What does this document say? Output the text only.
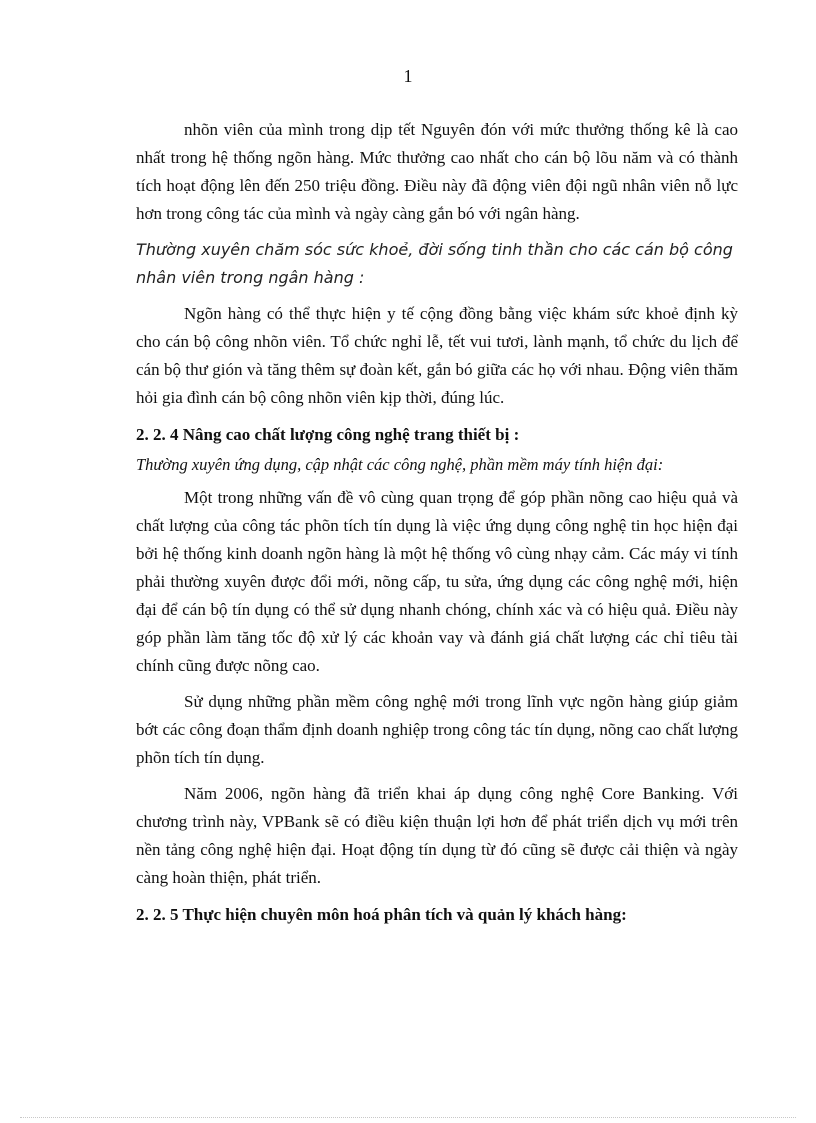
1

nhõn viên của mình trong dịp tết Nguyên đón với mức thưởng thống kê là cao nhất trong hệ thống ngõn hàng. Mức thưởng cao nhất cho cán bộ lõu năm và có thành tích hoạt động lên đến 250 triệu đồng. Điều này đã động viên đội ngũ nhân viên nỗ lực hơn trong công tác của mình và ngày càng gắn bó với ngân hàng.

Thường xuyên chăm sóc sức khoẻ, đời sống tinh thần cho các cán bộ công nhân viên trong ngân hàng :

Ngõn hàng có thể thực hiện y tế cộng đồng bằng việc khám sức khoẻ định kỳ cho cán bộ công nhõn viên. Tổ chức nghỉ lễ, tết vui tươi, lành mạnh, tổ chức du lịch để cán bộ thư gión và tăng thêm sự đoàn kết, gắn bó giữa các họ với nhau. Động viên thăm hỏi gia đình cán bộ công nhõn viên kịp thời, đúng lúc.

2. 2. 4 Nâng cao chất lượng công nghệ trang thiết bị :

Thường xuyên ứng dụng, cập nhật các công nghệ, phần mềm máy tính hiện đại:

Một trong những vấn đề vô cùng quan trọng để góp phần nõng cao hiệu quả và chất lượng của công tác phõn tích tín dụng là việc ứng dụng công nghệ tin học hiện đại bởi hệ thống kinh doanh ngõn hàng là một hệ thống vô cùng nhạy cảm. Các máy vi tính phải thường xuyên được đổi mới, nõng cấp, tu sửa, ứng dụng các công nghệ mới, hiện đại để cán bộ tín dụng có thể sử dụng nhanh chóng, chính xác và có hiệu quả. Điều này góp phần làm tăng tốc độ xử lý các khoản vay và đánh giá chất lượng các chỉ tiêu tài chính cũng được nõng cao.

Sử dụng những phần mềm công nghệ mới trong lĩnh vực ngõn hàng giúp giảm bớt các công đoạn thẩm định doanh nghiệp trong công tác tín dụng, nõng cao chất lượng phõn tích tín dụng.

Năm 2006, ngõn hàng đã triển khai áp dụng công nghệ Core Banking. Với chương trình này, VPBank sẽ có điều kiện thuận lợi hơn để phát triển dịch vụ mới trên nền tảng công nghệ hiện đại. Hoạt động tín dụng từ đó cũng sẽ được cải thiện và ngày càng hoàn thiện, phát triển.

2. 2. 5 Thực hiện chuyên môn hoá phân tích và quản lý khách hàng:
